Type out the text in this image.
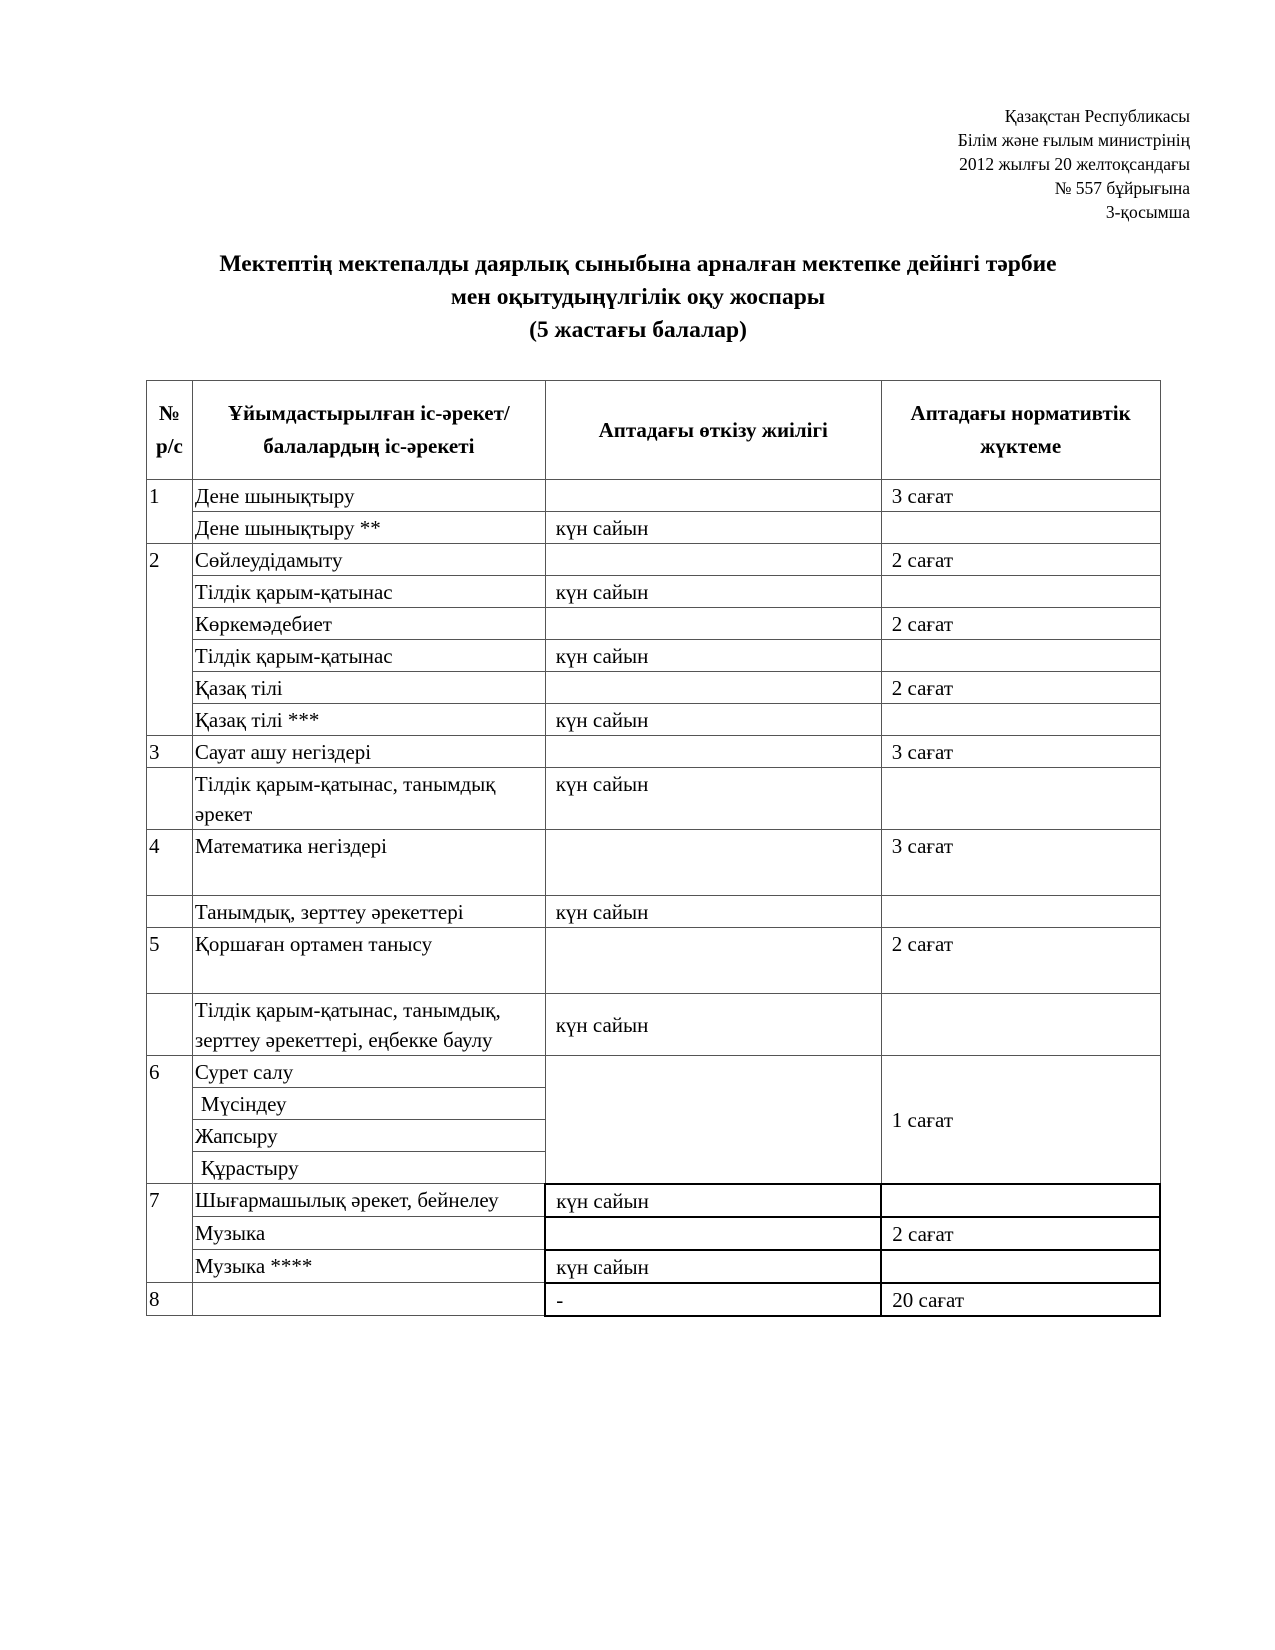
Қазақстан Республикасы
Білім және ғылым министрінің
2012 жылғы 20 желтоқсандағы
№ 557 бұйрығына
3-қосымша
Мектептің мектепалды даярлық сыныбына арналған мектепке дейінгі тәрбие
мен оқытудыңүлгілік оқу жоспары
(5 жастағы балалар)
№ р/с	Ұйымдастырылған іс-әрекет/балалардың іс-әрекеті	Аптадағы өткізу жиілігі	Аптадағы нормативтік жүктеме
1	Дене шынықтыру		3 сағат
	Дене шынықтыру **	күн сайын	
2	Сөйлеудідамыту		2 сағат
	Тілдік қарым-қатынас	күн сайын	
	Көркемәдебиет		2 сағат
	Тілдік қарым-қатынас	күн сайын	
	Қазақ тілі		2 сағат
	Қазақ тілі ***	күн сайын	
3	Сауат ашу негіздері		3 сағат
	Тілдік қарым-қатынас, танымдық әрекет	күн сайын	
4	Математика негіздері		3 сағат
	Танымдық, зерттеу әрекеттері	күн сайын	
5	Қоршаған ортамен танысу		2 сағат
	Тілдік қарым-қатынас, танымдық, зерттеу әрекеттері, еңбекке баулу	күн сайын	
6	Сурет салу		1 сағат
	Мүсіндеу		
	Жапсыру		
	Құрастыру		
7	Шығармашылық әрекет, бейнелеу	күн сайын	
	Музыка		2 сағат
	Музыка ****	күн сайын	
8		-	20 сағат
